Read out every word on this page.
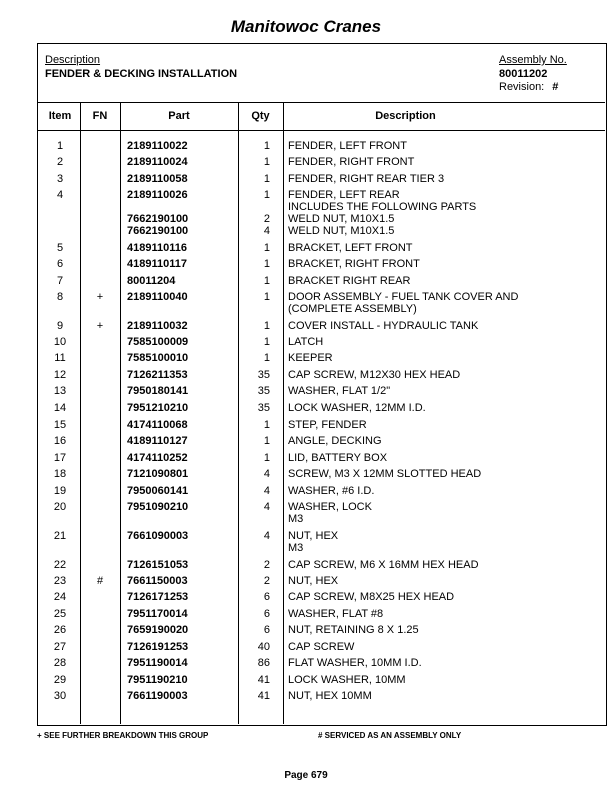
Manitowoc Cranes
Description
FENDER & DECKING INSTALLATION
Assembly No.
80011202
Revision: #
Item	FN	Part	Qty	Description
1	2189110022	1 FENDER, LEFT FRONT
2	2189110024	1 FENDER, RIGHT FRONT
3	2189110058	1 FENDER, RIGHT REAR TIER 3
4	2189110026	1 FENDER, LEFT REAR
INCLUDES THE FOLLOWING PARTS
7662190100	2 WELD NUT, M10X1.5
7662190100	4 WELD NUT, M10X1.5
5	4189110116	1 BRACKET, LEFT FRONT
6	4189110117	1 BRACKET, RIGHT FRONT
7	80011204	1 BRACKET RIGHT REAR
8	+	2189110040	1 DOOR ASSEMBLY - FUEL TANK COVER AND
(COMPLETE ASSEMBLY)
9	+	2189110032	1 COVER INSTALL - HYDRAULIC TANK
10	7585100009	1 LATCH
11	7585100010	1 KEEPER
12	7126211353	35 CAP SCREW, M12X30 HEX HEAD
13	7950180141	35 WASHER, FLAT 1/2"
14	7951210210	35 LOCK WASHER, 12MM I.D.
15	4174110068	1 STEP, FENDER
16	4189110127	1 ANGLE, DECKING
17	4174110252	1 LID, BATTERY BOX
18	7121090801	4 SCREW, M3 X 12MM SLOTTED HEAD
19	7950060141	4 WASHER, #6 I.D.
20	7951090210	4 WASHER, LOCK
M3
21	7661090003	4 NUT, HEX
M3
22	7126151053	2 CAP SCREW, M6 X 16MM HEX HEAD
23	#	7661150003	2 NUT, HEX
24	7126171253	6 CAP SCREW, M8X25 HEX HEAD
25	7951170014	6 WASHER, FLAT #8
26	7659190020	6 NUT, RETAINING 8 X 1.25
27	7126191253	40 CAP SCREW
28	7951190014	86 FLAT WASHER, 10MM I.D.
29	7951190210	41 LOCK WASHER, 10MM
30	7661190003	41 NUT, HEX 10MM
+ SEE FURTHER BREAKDOWN THIS GROUP	# SERVICED AS AN ASSEMBLY ONLY
Page 679
